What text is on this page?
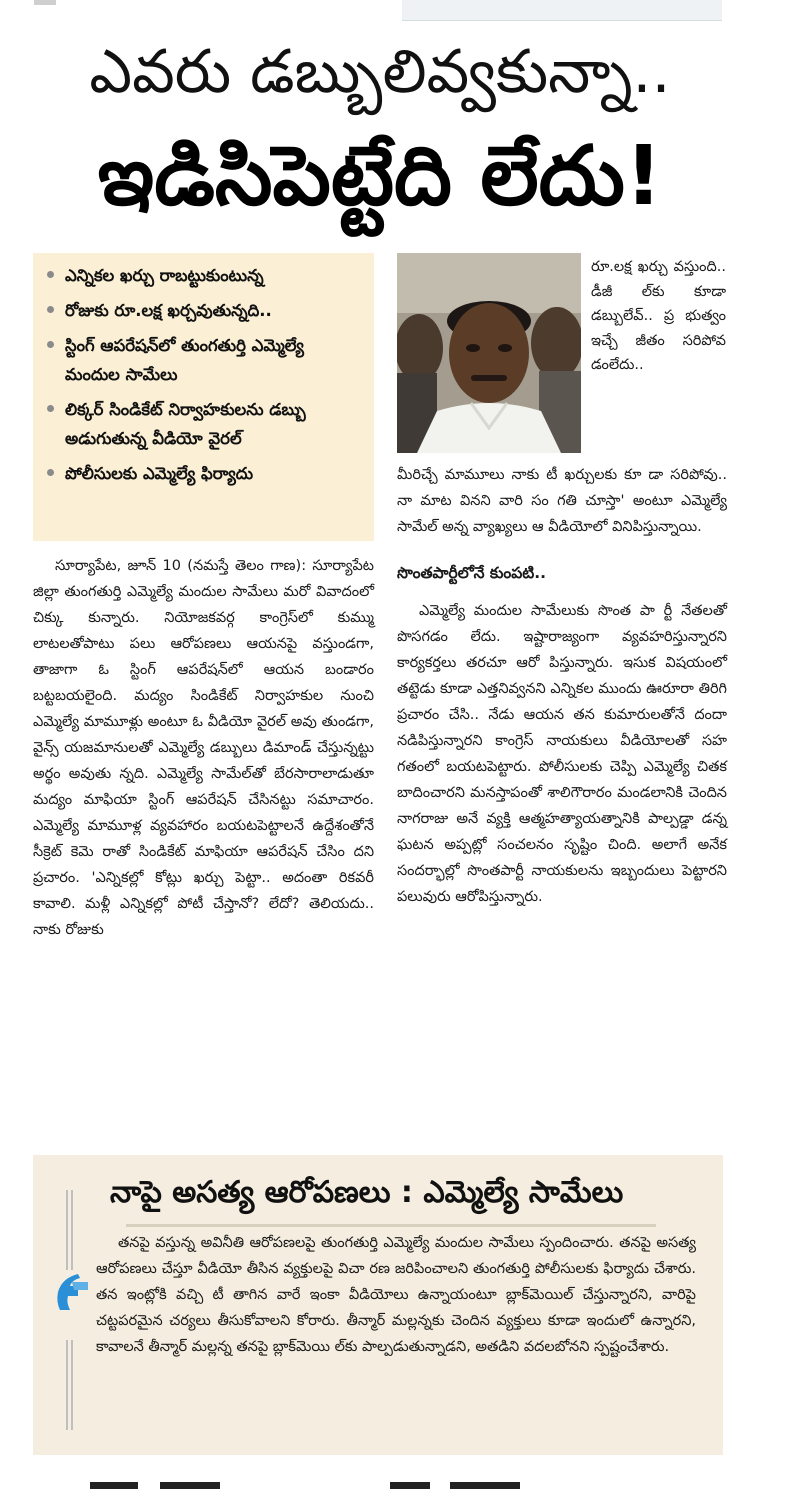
ఎవరు డబ్బులివ్వకున్నా..
ఇడిసిపెట్టేది లేదు!
ఎన్నికల ఖర్చు రాబట్టుకుంటున్న
రోజుకు రూ.లక్ష ఖర్చవుతున్నది..
స్టింగ్ ఆపరేషన్‌లో తుంగతుర్తి ఎమ్మెల్యే మందుల సామేలు
లిక్కర్ సిండికేట్ నిర్వాహకులను డబ్బు అడుగుతున్న వీడియో వైరల్
పోలీసులకు ఎమ్మెల్యే ఫిర్యాదు
రూ.లక్ష ఖర్చు వస్తుంది.. డీజీ ల్‌కు కూడా డబ్బులేవ్.. ప్ర భుత్వం ఇచ్చే జీతం సరిపోవ డంలేదు..

మీరిచ్చే మామూలు నాకు టీ ఖర్చులకు కూ డా సరిపోవు.. నా మాట వినని వారి సం గతి చూస్తా' అంటూ ఎమ్మెల్యే సామేల్ అన్న వ్యాఖ్యలు ఆ వీడియోలో వినిపిస్తున్నాయి.

సొంతపార్టీలోనే కుంపటి..

ఎమ్మెల్యే మందుల సామేలుకు సొంత పా ర్టీ నేతలతో పొసగడం లేదు. ఇష్టారాజ్యంగా వ్యవహరిస్తున్నారని కార్యకర్తలు తరచూ ఆరో పిస్తున్నారు. ఇసుక విషయంలో తట్టెడు కూడా ఎత్తనివ్వనని ఎన్నికల ముందు ఊరూరా తిరిగి ప్రచారం చేసి.. నేడు ఆయన తన కుమారులతోనే దందా నడిపిస్తున్నారని కాంగ్రెస్ నాయకులు వీడియోలతో సహ గతంలో బయటపెట్టారు. పోలీసులకు చెప్పి ఎమ్మెల్యే చితక బాదించారని మనస్తాపంతో శాలిగౌరారం మండలానికి చెందిన నాగరాజు అనే వ్యక్తి ఆత్మహత్యాయత్నానికి పాల్పడ్డా డన్న ఘటన అప్పట్లో సంచలనం సృష్టిం చింది. అలాగే అనేక సందర్భాల్లో సొంతపార్టీ నాయకులను ఇబ్బందులు పెట్టారని పలువురు ఆరోపిస్తున్నారు.

సూర్యాపేట, జూన్ 10 (నమస్తే తెలం గాణ): సూర్యాపేట జిల్లా తుంగతుర్తి ఎమ్మెల్యే మందుల సామేలు మరో వివాదంలో చిక్కు కున్నారు. నియోజకవర్గ కాంగ్రెస్‌లో కుమ్ము లాటలతోపాటు పలు ఆరోపణలు ఆయనపై వస్తుండగా, తాజాగా ఓ స్టింగ్ ఆపరేషన్‌లో ఆయన బండారం బట్టబయలైంది. మద్యం సిండికేట్ నిర్వాహకుల నుంచి ఎమ్మెల్యే మామూళ్లు అంటూ ఓ వీడియో వైరల్ అవు తుండగా, వైన్స్ యజమానులతో ఎమ్మెల్యే డబ్బులు డిమాండ్ చేస్తున్నట్టు అర్థం అవుతు న్నది. ఎమ్మెల్యే సామేల్‌తో బేరసారాలాడుతూ మద్యం మాఫియా స్టింగ్ ఆపరేషన్ చేసినట్టు సమాచారం. ఎమ్మెల్యే మామూళ్ల వ్యవహారం బయటపెట్టాలనే ఉద్దేశంతోనే సీక్రెట్ కెమె రాతో సిండికేట్ మాఫియా ఆపరేషన్ చేసిం దని ప్రచారం. 'ఎన్నికల్లో కోట్లు ఖర్చు పెట్టా.. అదంతా రికవరీ కావాలి. మళ్లీ ఎన్నికల్లో పోటీ చేస్తానో? లేదో? తెలియదు.. నాకు రోజుకు

నాపై అసత్య ఆరోపణలు : ఎమ్మెల్యే సామేలు

తనపై వస్తున్న అవినీతి ఆరోపణలపై తుంగతుర్తి ఎమ్మెల్యే మందుల సామేలు స్పందించారు. తనపై అసత్య ఆరోపణలు చేస్తూ వీడియో తీసిన వ్యక్తులపై విచా రణ జరిపించాలని తుంగతుర్తి పోలీసులకు ఫిర్యాదు చేశారు. తన ఇంట్లోకి వచ్చి టీ తాగిన వారే ఇంకా వీడియోలు ఉన్నాయంటూ బ్లాక్‌మెయిల్ చేస్తున్నారని, వారిపై చట్టపరమైన చర్యలు తీసుకోవాలని కోరారు. తీన్మార్ మల్లన్నకు చెందిన వ్యక్తులు కూడా ఇందులో ఉన్నారని, కావాలనే తీన్మార్ మల్లన్న తనపై బ్లాక్‌మెయి ల్‌కు పాల్పడుతున్నాడని, అతడిని వదలబోనని స్పష్టంచేశారు.
